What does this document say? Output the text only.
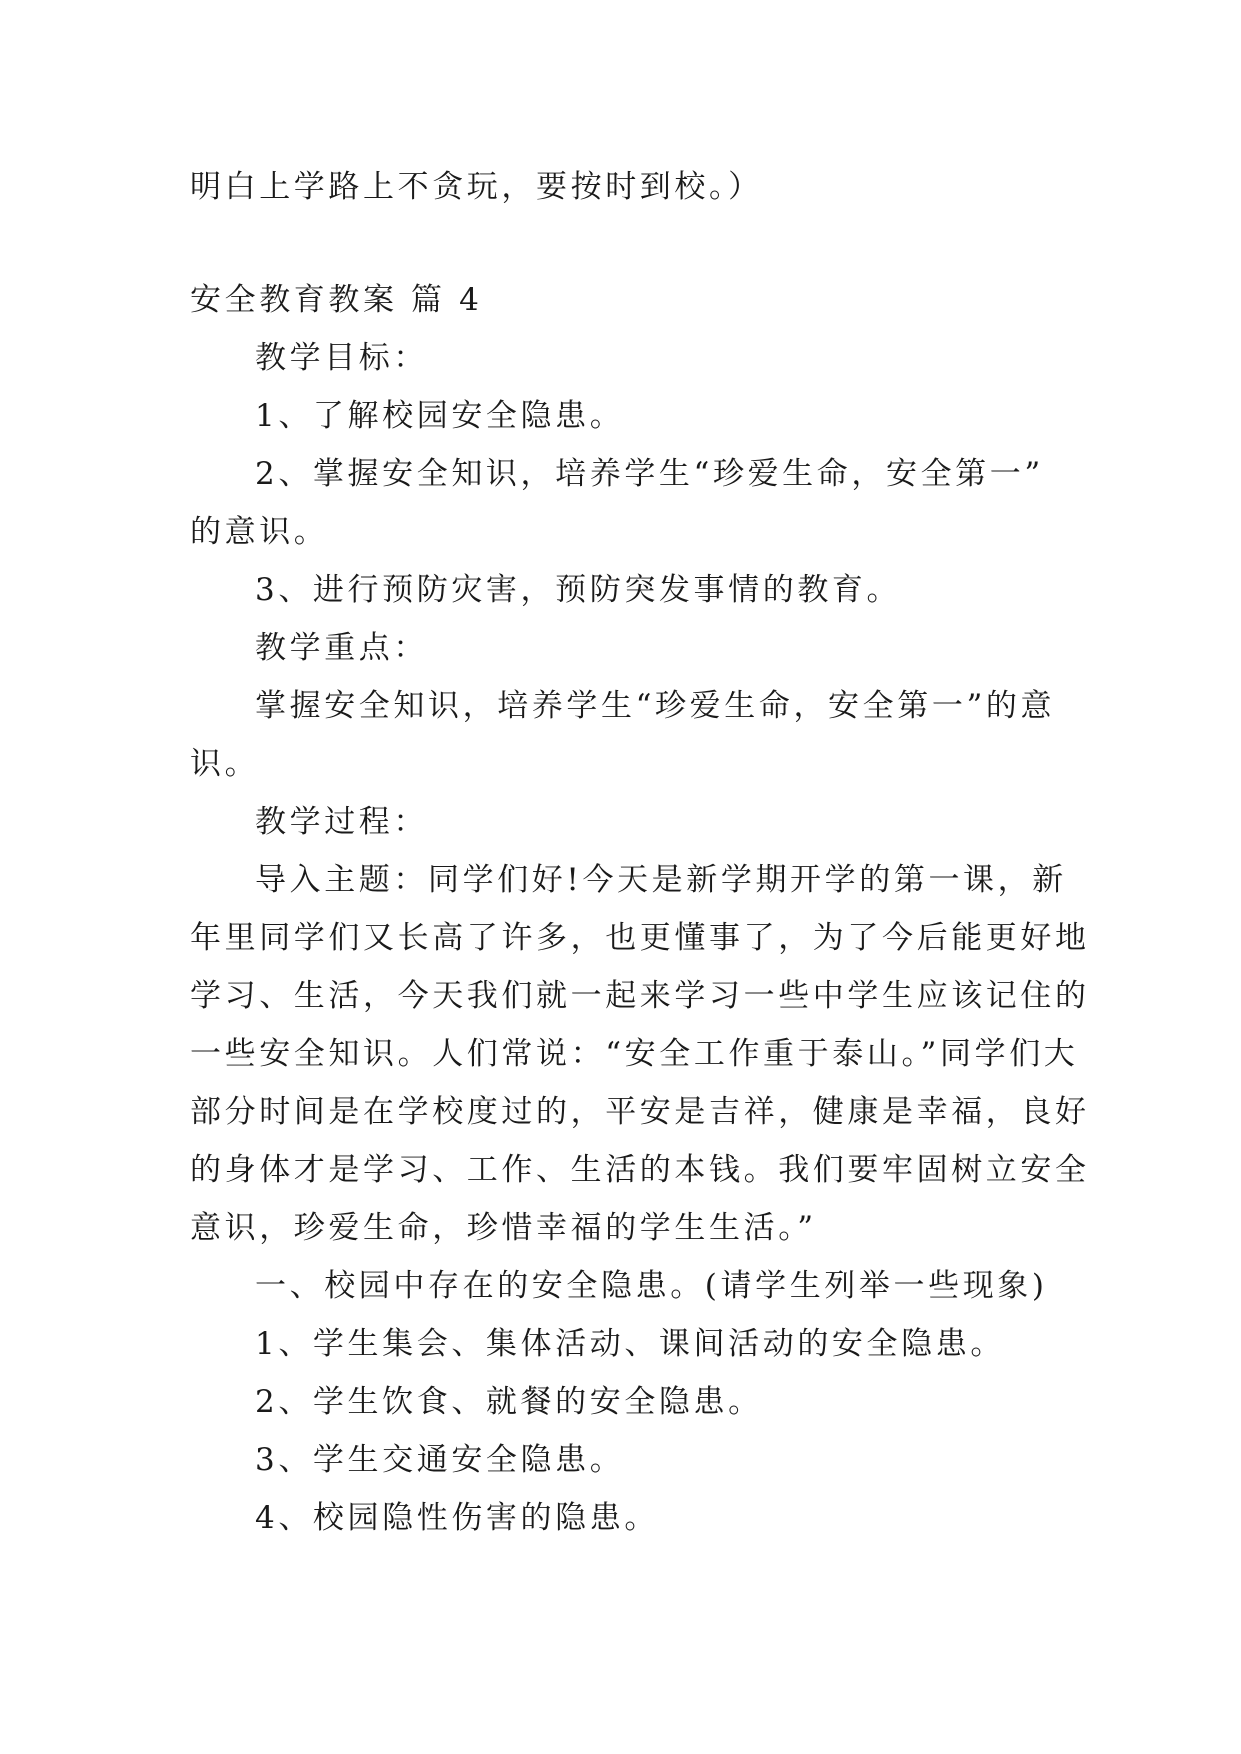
明白上学路上不贪玩，要按时到校。）
安全教育教案 篇 4
教学目标：
1、了解校园安全隐患。
2、掌握安全知识，培养学生“珍爱生命，安全第一”
的意识。
3、进行预防灾害，预防突发事情的教育。
教学重点：
掌握安全知识，培养学生“珍爱生命，安全第一”的意
识。
教学过程：
导入主题：同学们好!今天是新学期开学的第一课，新
年里同学们又长高了许多，也更懂事了，为了今后能更好地
学习、生活，今天我们就一起来学习一些中学生应该记住的
一些安全知识。人们常说：“安全工作重于泰山。”同学们大
部分时间是在学校度过的，平安是吉祥，健康是幸福，良好
的身体才是学习、工作、生活的本钱。我们要牢固树立安全
意识，珍爱生命，珍惜幸福的学生生活。”
一、校园中存在的安全隐患。(请学生列举一些现象)
1、学生集会、集体活动、课间活动的安全隐患。
2、学生饮食、就餐的安全隐患。
3、学生交通安全隐患。
4、校园隐性伤害的隐患。
